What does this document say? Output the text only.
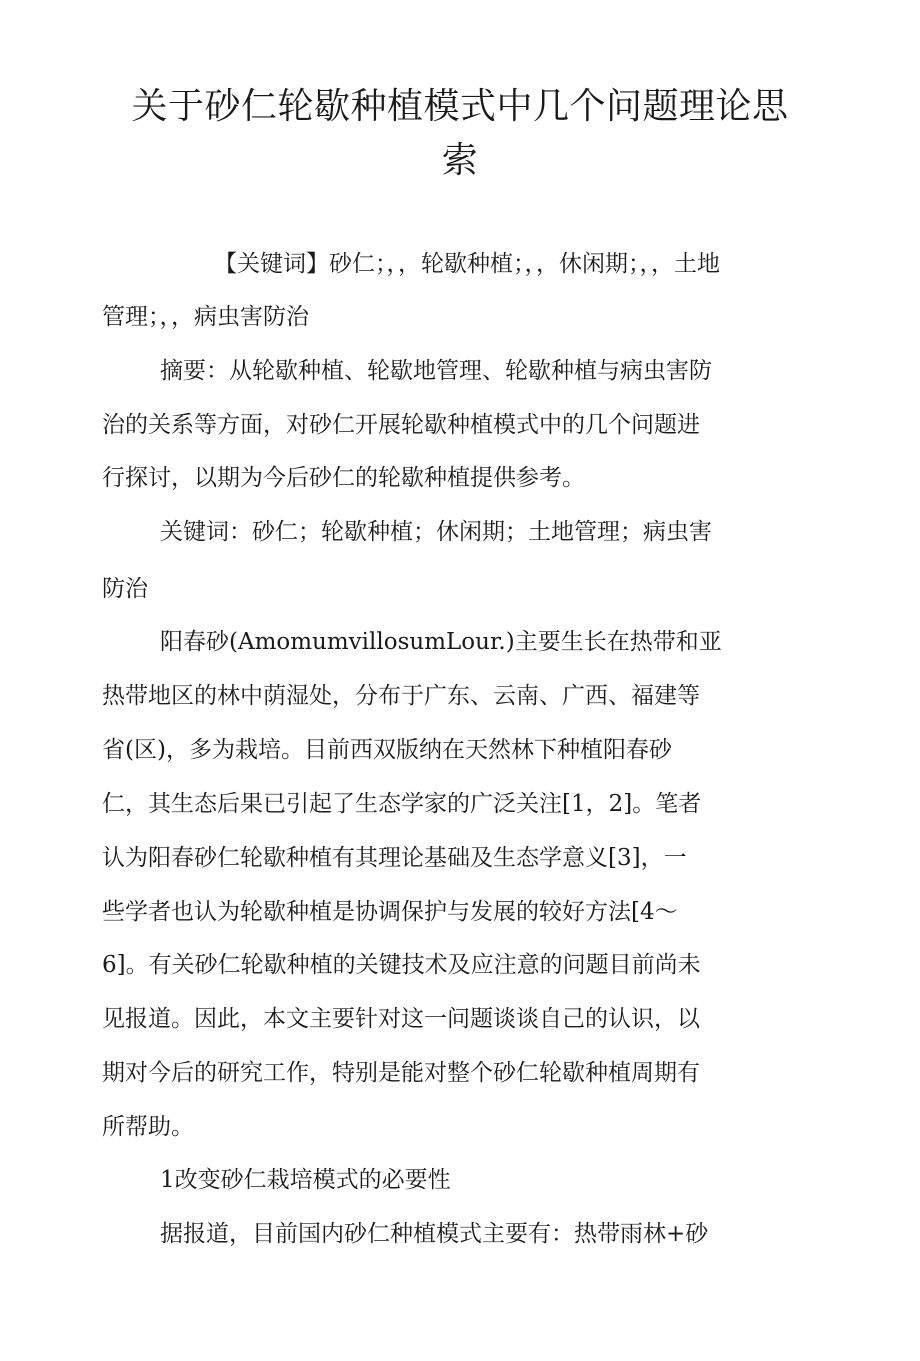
关于砂仁轮歇种植模式中几个问题理论思
索

【关键词】砂仁；，，轮歇种植；，，休闲期；，，土地

管理；，，病虫害防治

摘要：从轮歇种植、轮歇地管理、轮歇种植与病虫害防

治的关系等方面，对砂仁开展轮歇种植模式中的几个问题进

行探讨，以期为今后砂仁的轮歇种植提供参考。

关键词：砂仁；轮歇种植；休闲期；土地管理；病虫害

防治

阳春砂(AmomumvillosumLour.)主要生长在热带和亚

热带地区的林中荫湿处，分布于广东、云南、广西、福建等

省(区)，多为栽培。目前西双版纳在天然林下种植阳春砂

仁，其生态后果已引起了生态学家的广泛关注[1，2]。笔者

认为阳春砂仁轮歇种植有其理论基础及生态学意义[3]，一

些学者也认为轮歇种植是协调保护与发展的较好方法[4～

6]。有关砂仁轮歇种植的关键技术及应注意的问题目前尚未

见报道。因此，本文主要针对这一问题谈谈自己的认识，以

期对今后的研究工作，特别是能对整个砂仁轮歇种植周期有

所帮助。

1改变砂仁栽培模式的必要性

据报道，目前国内砂仁种植模式主要有：热带雨林+砂
